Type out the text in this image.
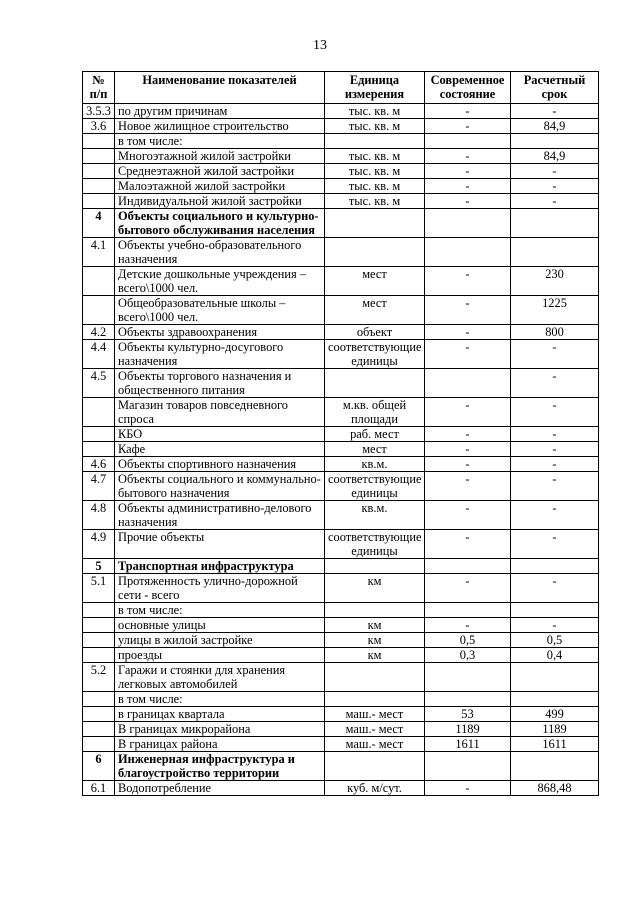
13
№ п/п	Наименование показателей	Единица измерения	Современное состояние	Расчетный срок
3.5.3	по другим причинам	тыс. кв. м	-	-
3.6	Новое жилищное строительство	тыс. кв. м	-	84,9
	в том числе:			
	Многоэтажной жилой застройки	тыс. кв. м	-	84,9
	Среднеэтажной жилой застройки	тыс. кв. м	-	-
	Малоэтажной жилой застройки	тыс. кв. м	-	-
	Индивидуальной жилой застройки	тыс. кв. м	-	-
4	Объекты социального и культурно-бытового обслуживания населения			
4.1	Объекты учебно-образовательного назначения			
	Детские дошкольные учреждения – всего\1000 чел.	мест	-	230
	Общеобразовательные школы – всего\1000 чел.	мест	-	1225
4.2	Объекты здравоохранения	объект	-	800
4.4	Объекты культурно-досугового назначения	соответствующие единицы	-	-
4.5	Объекты торгового назначения и общественного питания			-
	Магазин товаров повседневного спроса	м.кв. общей площади	-	-
	КБО	раб. мест	-	-
	Кафе	мест	-	-
4.6	Объекты спортивного назначения	кв.м.	-	-
4.7	Объекты социального и коммунально-бытового назначения	соответствующие единицы	-	-
4.8	Объекты административно-делового назначения	кв.м.	-	-
4.9	Прочие объекты	соответствующие единицы	-	-
5	Транспортная инфраструктура			
5.1	Протяженность улично-дорожной сети - всего	км	-	-
	в том числе:			
	основные улицы	км	-	-
	улицы в жилой застройке	км	0,5	0,5
	проезды	км	0,3	0,4
5.2	Гаражи и стоянки для хранения легковых автомобилей			
	в том числе:			
	в границах квартала	маш.- мест	53	499
	В границах микрорайона	маш.- мест	1189	1189
	В границах района	маш.- мест	1611	1611
6	Инженерная инфраструктура и благоустройство территории			
6.1	Водопотребление	куб. м/сут.	-	868,48
